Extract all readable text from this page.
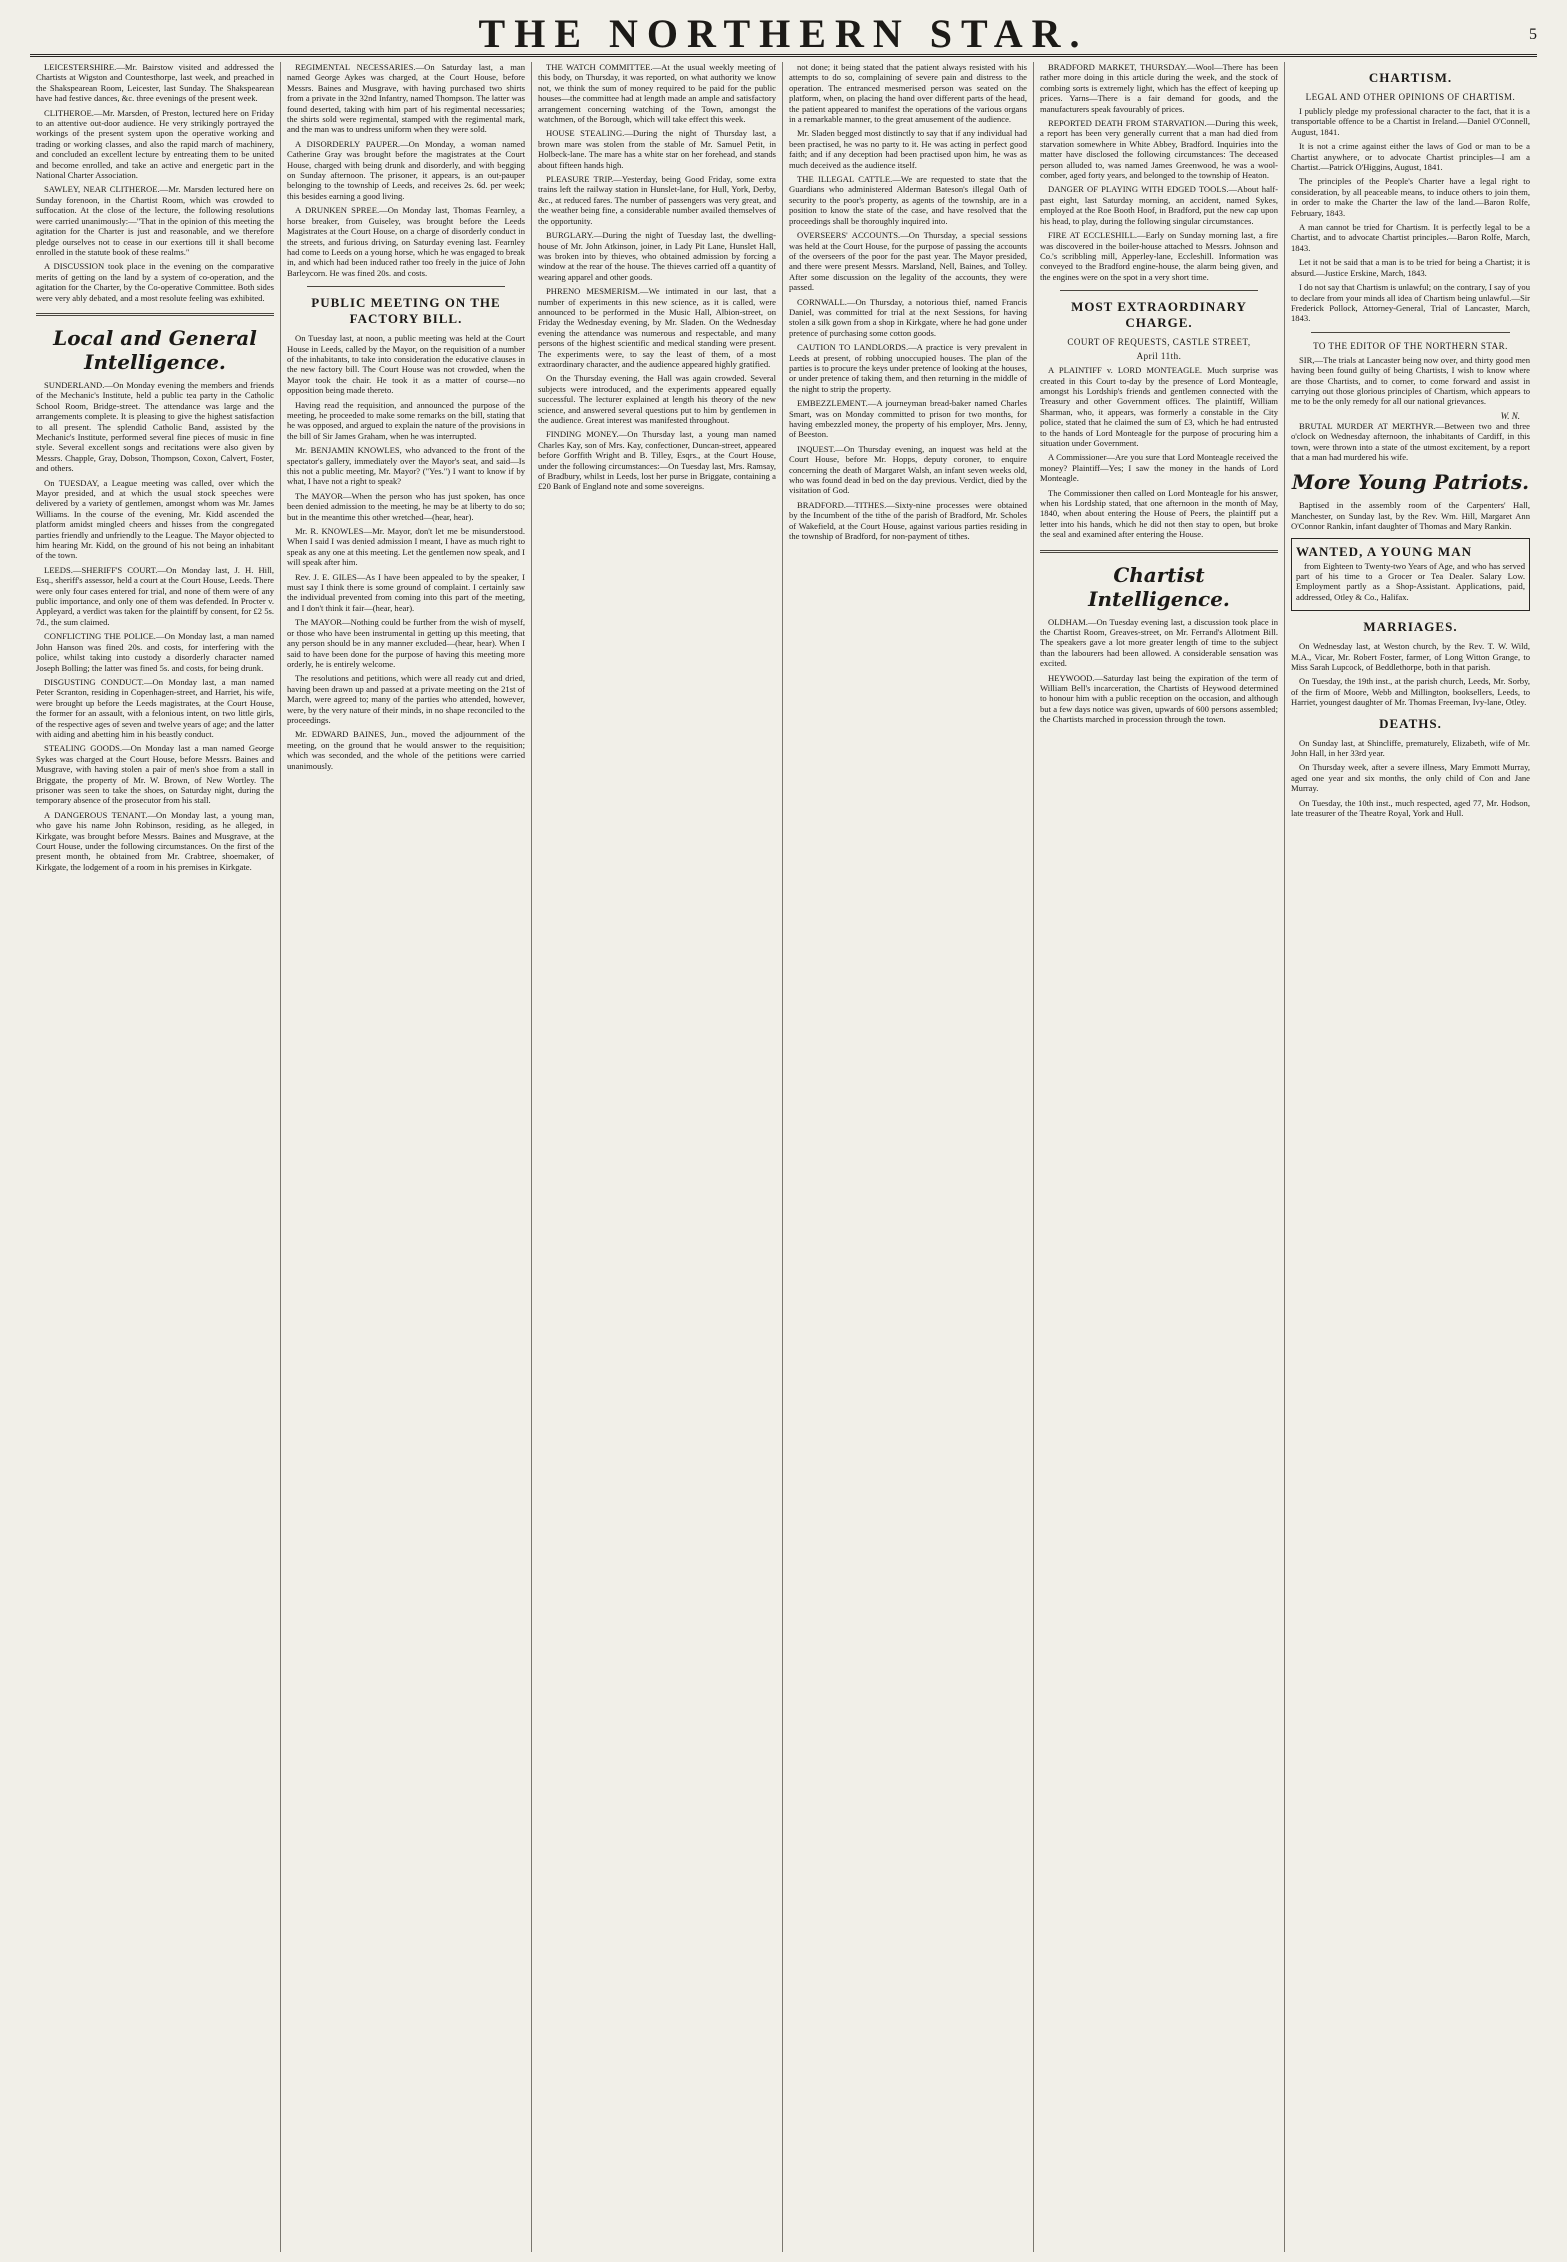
THE NORTHERN STAR.	5

LEICESTERSHIRE.—Mr. Bairstow visited and addressed the Chartists at Wigston and Countesthorpe, last week, and preached in the Shakspearean Room, Leicester, last Sunday. The Shakspearean have had festive dances, &c. three evenings of the present week.

CLITHEROE.—Mr. Marsden, of Preston, lectured here on Friday to an attentive out-door audience. He very strikingly portrayed the workings of the present system upon the operative working and trading or working classes, and also the rapid march of machinery, and concluded an excellent lecture by entreating them to be united and become enrolled, and take an active and energetic part in the National Charter Association.

SAWLEY, NEAR CLITHEROE.—Mr. Marsden lectured here on Sunday forenoon, in the Chartist Room, which was crowded to suffocation. At the close of the lecture, the following resolutions were carried unanimously:—"That in the opinion of this meeting the agitation for the Charter is just and reasonable, and we therefore pledge ourselves not to cease in our exertions till it shall become enrolled in the statute book of these realms."

A DISCUSSION took place in the evening on the comparative merits of getting on the land by a system of co-operation, and the agitation for the Charter, by the Co-operative Committee. Both sides were very ably debated, and a most resolute feeling was exhibited.

Local and General Intelligence.

SUNDERLAND.—On Monday evening the members and friends of the Mechanic's Institute, held a public tea party in the Catholic School Room, Bridge-street. The attendance was large and the arrangements complete. It is pleasing to give the highest satisfaction to all present. The splendid Catholic Band, assisted by the Mechanic's Institute, performed several fine pieces of music in fine style. Several excellent songs and recitations were also given by Messrs. Chapple, Gray, Dobson, Thompson, Coxon, Calvert, Foster, and others.

On TUESDAY, a League meeting was called, over which the Mayor presided, and at which the usual stock speeches were delivered by a variety of gentlemen, amongst whom was Mr. James Williams. In the course of the evening, Mr. Kidd ascended the platform amidst mingled cheers and hisses from the congregated parties friendly and unfriendly to the League. The Mayor objected to him hearing Mr. Kidd, on the ground of his not being an inhabitant of the town.

LEEDS.—SHERIFF'S COURT.—On Monday last, J. H. Hill, Esq., sheriff's assessor, held a court at the Court House, Leeds. There were only four cases entered for trial, and none of them were of any public importance, and only one of them was defended. In Procter v. Appleyard, a verdict was taken for the plaintiff by consent, for £2 5s. 7d., the sum claimed.

CONFLICTING THE POLICE.—On Monday last, a man named John Hanson was fined 20s. and costs, for interfering with the police, whilst taking into custody a disorderly character named Joseph Bolling; the latter was fined 5s. and costs, for being drunk.

DISGUSTING CONDUCT.—On Monday last, a man named Peter Scranton, residing in Copenhagen-street, and Harriet, his wife, were brought up before the Leeds magistrates, at the Court House, the former for an assault, with a felonious intent, on two little girls, of the respective ages of seven and twelve years of age; and the latter with aiding and abetting him in his beastly conduct.

STEALING GOODS.—On Monday last a man named George Sykes was charged at the Court House, before Messrs. Baines and Musgrave, with having stolen a pair of men's shoe from a stall in Briggate, the property of Mr. W. Brown, of New Wortley. The prisoner was seen to take the shoes, on Saturday night, during the temporary absence of the prosecutor from his stall.

A DANGEROUS TENANT.—On Monday last, a young man, who gave his name John Robinson, residing, as he alleged, in Kirkgate, was brought before Messrs. Baines and Musgrave, at the Court House, under the following circumstances. On the first of the present month, he obtained from Mr. Crabtree, shoemaker, of Kirkgate, the lodgement of a room in his premises in Kirkgate.

REGIMENTAL NECESSARIES.—On Saturday last, a man named George Aykes was charged, at the Court House, before Messrs. Baines and Musgrave, with having purchased two shirts from a private in the 32nd Infantry, named Thompson. The latter was found deserted, taking with him part of his regimental necessaries; the shirts sold were regimental, stamped with the regimental mark, and the man was to undress uniform when they were sold.

A DISORDERLY PAUPER.—On Monday, a woman named Catherine Gray was brought before the magistrates at the Court House, charged with being drunk and disorderly, and with begging on Sunday afternoon. The prisoner, it appears, is an out-pauper belonging to the township of Leeds, and receives 2s. 6d. per week; this besides earning a good living.

A DRUNKEN SPREE.—On Monday last, Thomas Fearnley, a horse breaker, from Guiseley, was brought before the Leeds Magistrates at the Court House, on a charge of disorderly conduct in the streets, and furious driving, on Saturday evening last. Fearnley had come to Leeds on a young horse, which he was engaged to break in, and which had been induced rather too freely in the juice of John Barleycorn. He was fined 20s. and costs.

PUBLIC MEETING ON THE FACTORY BILL.

On Tuesday last, at noon, a public meeting was held at the Court House in Leeds, called by the Mayor, on the requisition of a number of the inhabitants, to take into consideration the educative clauses in the new factory bill. The Court House was not crowded, when the Mayor took the chair. He took it as a matter of course—no opposition being made thereto.

Having read the requisition, and announced the purpose of the meeting, he proceeded to make some remarks on the bill, stating that he was opposed, and argued to explain the nature of the provisions in the bill of Sir James Graham, when he was interrupted.

Mr. BENJAMIN KNOWLES, who advanced to the front of the spectator's gallery, immediately over the Mayor's seat, and said—Is this not a public meeting, Mr. Mayor? ("Yes.") I want to know if by what, I have not a right to speak?

The MAYOR—When the person who has just spoken, has once been denied admission to the meeting, he may be at liberty to do so; but in the meantime this other wretched—(hear, hear).

Mr. R. KNOWLES—Mr. Mayor, don't let me be misunderstood. When I said I was denied admission I meant, I have as much right to speak as any one at this meeting. Let the gentlemen now speak, and I will speak after him.

Rev. J. E. GILES—As I have been appealed to by the speaker, I must say I think there is some ground of complaint. I certainly saw the individual prevented from coming into this part of the meeting, and I don't think it fair—(hear, hear).

The MAYOR—Nothing could be further from the wish of myself, or those who have been instrumental in getting up this meeting, that any person should be in any manner excluded—(hear, hear). When I said to have been done for the purpose of having this meeting more orderly, he is entirely welcome.

The resolutions and petitions, which were all ready cut and dried, having been drawn up and passed at a private meeting on the 21st of March, were agreed to; many of the parties who attended, however, were, by the very nature of their minds, in no shape reconciled to the proceedings.

Mr. EDWARD BAINES, Jun., moved the adjournment of the meeting, on the ground that he would answer to the requisition; which was seconded, and the whole of the petitions were carried unanimously.

THE WATCH COMMITTEE.—At the usual weekly meeting of this body, on Thursday, it was reported, on what authority we know not, we think the sum of money required to be paid for the public houses—the committee had at length made an ample and satisfactory arrangement concerning watching of the Town, amongst the watchmen, of the Borough, which will take effect this week.

HOUSE STEALING.—During the night of Thursday last, a brown mare was stolen from the stable of Mr. Samuel Petit, in Holbeck-lane. The mare has a white star on her forehead, and stands about fifteen hands high.

PLEASURE TRIP.—Yesterday, being Good Friday, some extra trains left the railway station in Hunslet-lane, for Hull, York, Derby, &c., at reduced fares. The number of passengers was very great, and the weather being fine, a considerable number availed themselves of the opportunity.

BURGLARY.—During the night of Tuesday last, the dwelling-house of Mr. John Atkinson, joiner, in Lady Pit Lane, Hunslet Hall, was broken into by thieves, who obtained admission by forcing a window at the rear of the house. The thieves carried off a quantity of wearing apparel and other goods.

PHRENO MESMERISM.—We intimated in our last, that a number of experiments in this new science, as it is called, were announced to be performed in the Music Hall, Albion-street, on Friday the Wednesday evening, by Mr. Sladen. On the Wednesday evening the attendance was numerous and respectable, and many persons of the highest scientific and medical standing were present. The experiments were, to say the least of them, of a most extraordinary character, and the audience appeared highly gratified.

On the Thursday evening, the Hall was again crowded. Several subjects were introduced, and the experiments appeared equally successful. The lecturer explained at length his theory of the new science, and answered several questions put to him by gentlemen in the audience. Great interest was manifested throughout.

FINDING MONEY.—On Thursday last, a young man named Charles Kay, son of Mrs. Kay, confectioner, Duncan-street, appeared before Gorffith Wright and B. Tilley, Esqrs., at the Court House, under the following circumstances:—On Tuesday last, Mrs. Ramsay, of Bradbury, whilst in Leeds, lost her purse in Briggate, containing a £20 Bank of England note and some sovereigns.

not done; it being stated that the patient always resisted with his attempts to do so, complaining of severe pain and distress to the operation. The entranced mesmerised person was seated on the platform, when, on placing the hand over different parts of the head, the patient appeared to manifest the operations of the various organs in a remarkable manner, to the great amusement of the audience.

Mr. Sladen begged most distinctly to say that if any individual had been practised, he was no party to it. He was acting in perfect good faith; and if any deception had been practised upon him, he was as much deceived as the audience itself.

THE ILLEGAL CATTLE.—We are requested to state that the Guardians who administered Alderman Bateson's illegal Oath of security to the poor's property, as agents of the township, are in a position to know the state of the case, and have resolved that the proceedings shall be thoroughly inquired into.

OVERSEERS' ACCOUNTS.—On Thursday, a special sessions was held at the Court House, for the purpose of passing the accounts of the overseers of the poor for the past year. The Mayor presided, and there were present Messrs. Marsland, Nell, Baines, and Tolley. After some discussion on the legality of the accounts, they were passed.

CORNWALL.—On Thursday, a notorious thief, named Francis Daniel, was committed for trial at the next Sessions, for having stolen a silk gown from a shop in Kirkgate, where he had gone under pretence of purchasing some cotton goods.

CAUTION TO LANDLORDS.—A practice is very prevalent in Leeds at present, of robbing unoccupied houses. The plan of the parties is to procure the keys under pretence of looking at the houses, or under pretence of taking them, and then returning in the middle of the night to strip the property.

EMBEZZLEMENT.—A journeyman bread-baker named Charles Smart, was on Monday committed to prison for two months, for having embezzled money, the property of his employer, Mrs. Jenny, of Beeston.

INQUEST.—On Thursday evening, an inquest was held at the Court House, before Mr. Hopps, deputy coroner, to enquire concerning the death of Margaret Walsh, an infant seven weeks old, who was found dead in bed on the day previous. Verdict, died by the visitation of God.

BRADFORD.—TITHES.—Sixty-nine processes were obtained by the Incumbent of the tithe of the parish of Bradford, Mr. Scholes of Wakefield, at the Court House, against various parties residing in the township of Bradford, for non-payment of tithes.

BRADFORD MARKET, THURSDAY.—Wool—There has been rather more doing in this article during the week, and the stock of combing sorts is extremely light, which has the effect of keeping up prices. Yarns—There is a fair demand for goods, and the manufacturers speak favourably of prices.

REPORTED DEATH FROM STARVATION.—During this week, a report has been very generally current that a man had died from starvation somewhere in White Abbey, Bradford. Inquiries into the matter have disclosed the following circumstances: The deceased person alluded to, was named James Greenwood, he was a wool-comber, aged forty years, and belonged to the township of Heaton.

DANGER OF PLAYING WITH EDGED TOOLS.—About half-past eight, last Saturday morning, an accident, named Sykes, employed at the Roe Booth Hoof, in Bradford, put the new cap upon his head, to play, during the following singular circumstances.

FIRE AT ECCLESHILL.—Early on Sunday morning last, a fire was discovered in the boiler-house attached to Messrs. Johnson and Co.'s scribbling mill, Apperley-lane, Eccleshill. Information was conveyed to the Bradford engine-house, the alarm being given, and the engines were on the spot in a very short time.

MOST EXTRAORDINARY CHARGE.
COURT OF REQUESTS, CASTLE STREET,
April 11th.

A PLAINTIFF v. LORD MONTEAGLE. Much surprise was created in this Court to-day by the presence of Lord Monteagle, amongst his Lordship's friends and gentlemen connected with the Treasury and other Government offices. The plaintiff, William Sharman, who, it appears, was formerly a constable in the City police, stated that he claimed the sum of £3, which he had entrusted to the hands of Lord Monteagle for the purpose of procuring him a situation under Government.

A Commissioner—Are you sure that Lord Monteagle received the money? Plaintiff—Yes; I saw the money in the hands of Lord Monteagle.

The Commissioner then called on Lord Monteagle for his answer, when his Lordship stated, that one afternoon in the month of May, 1840, when about entering the House of Peers, the plaintiff put a letter into his hands, which he did not then stay to open, but broke the seal and examined after entering the House.

Chartist Intelligence.

OLDHAM.—On Tuesday evening last, a discussion took place in the Chartist Room, Greaves-street, on Mr. Ferrand's Allotment Bill. The speakers gave a lot more greater length of time to the subject than the labourers had been allowed. A considerable sensation was excited.

HEYWOOD.—Saturday last being the expiration of the term of William Bell's incarceration, the Chartists of Heywood determined to honour him with a public reception on the occasion, and although but a few days notice was given, upwards of 600 persons assembled; the Chartists marched in procession through the town.

CHARTISM.
LEGAL AND OTHER OPINIONS OF CHARTISM.

I publicly pledge my professional character to the fact, that it is a transportable offence to be a Chartist in Ireland.—Daniel O'Connell, August, 1841.

It is not a crime against either the laws of God or man to be a Chartist anywhere, or to advocate Chartist principles—I am a Chartist.—Patrick O'Higgins, August, 1841.

The principles of the People's Charter have a legal right to consideration, by all peaceable means, to induce others to join them, in order to make the Charter the law of the land.—Baron Rolfe, February, 1843.

A man cannot be tried for Chartism. It is perfectly legal to be a Chartist, and to advocate Chartist principles.—Baron Rolfe, March, 1843.

Let it not be said that a man is to be tried for being a Chartist; it is absurd.—Justice Erskine, March, 1843.

I do not say that Chartism is unlawful; on the contrary, I say of you to declare from your minds all idea of Chartism being unlawful.—Sir Frederick Pollock, Attorney-General, Trial of Lancaster, March, 1843.

TO THE EDITOR OF THE NORTHERN STAR.

SIR,—The trials at Lancaster being now over, and thirty good men having been found guilty of being Chartists, I wish to know where are those Chartists, and to corner, to come forward and assist in carrying out those glorious principles of Chartism, which appears to me to be the only remedy for all our national grievances.

W. N.

BRUTAL MURDER AT MERTHYR.—Between two and three o'clock on Wednesday afternoon, the inhabitants of Cardiff, in this town, were thrown into a state of the utmost excitement, by a report that a man had murdered his wife.

More Young Patriots.

Baptised in the assembly room of the Carpenters' Hall, Manchester, on Sunday last, by the Rev. Wm. Hill, Margaret Ann O'Connor Rankin, infant daughter of Thomas and Mary Rankin.

WANTED, A YOUNG MAN

from Eighteen to Twenty-two Years of Age, and who has served part of his time to a Grocer or Tea Dealer. Salary Low. Employment partly as a Shop-Assistant. Applications, paid, addressed, Otley & Co., Halifax.

MARRIAGES.

On Wednesday last, at Weston church, by the Rev. T. W. Wild, M.A., Vicar, Mr. Robert Foster, farmer, of Long Witton Grange, to Miss Sarah Lupcock, of Beddlethorpe, both in that parish.

On Tuesday, the 19th inst., at the parish church, Leeds, Mr. Sorby, of the firm of Moore, Webb and Millington, booksellers, Leeds, to Harriet, youngest daughter of Mr. Thomas Freeman, Ivy-lane, Otley.

DEATHS.

On Sunday last, at Shincliffe, prematurely, Elizabeth, wife of Mr. John Hall, in her 33rd year.

On Thursday week, after a severe illness, Mary Emmott Murray, aged one year and six months, the only child of Con and Jane Murray.

On Tuesday, the 10th inst., much respected, aged 77, Mr. Hodson, late treasurer of the Theatre Royal, York and Hull.
